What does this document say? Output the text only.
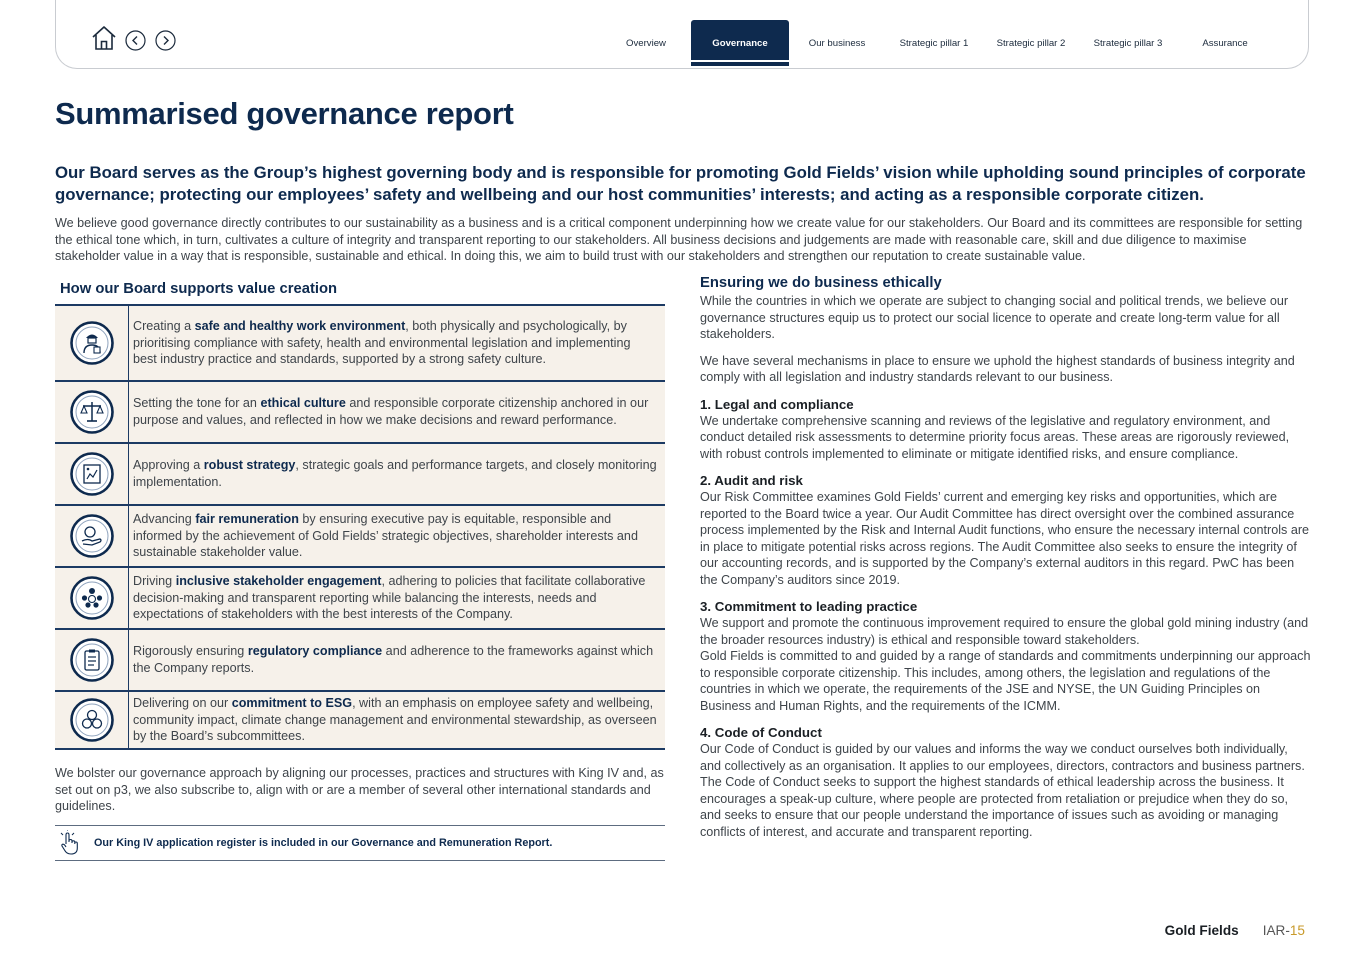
Overview	Governance	Our business	Strategic pillar 1	Strategic pillar 2	Strategic pillar 3	Assurance
Summarised governance report

Our Board serves as the Group’s highest governing body and is responsible for promoting Gold Fields’ vision while upholding sound principles of corporate governance; protecting our employees’ safety and wellbeing and our host communities’ interests; and acting as a responsible corporate citizen.

We believe good governance directly contributes to our sustainability as a business and is a critical component underpinning how we create value for our stakeholders. Our Board and its committees are responsible for setting the ethical tone which, in turn, cultivates a culture of integrity and transparent reporting to our stakeholders. All business decisions and judgements are made with reasonable care, skill and due diligence to maximise stakeholder value in a way that is responsible, sustainable and ethical. In doing this, we aim to build trust with our stakeholders and strengthen our reputation to create sustainable value.

How our Board supports value creation
Creating a safe and healthy work environment, both physically and psychologically, by prioritising compliance with safety, health and environmental legislation and implementing best industry practice and standards, supported by a strong safety culture.
Setting the tone for an ethical culture and responsible corporate citizenship anchored in our purpose and values, and reflected in how we make decisions and reward performance.
Approving a robust strategy, strategic goals and performance targets, and closely monitoring implementation.
Advancing fair remuneration by ensuring executive pay is equitable, responsible and informed by the achievement of Gold Fields’ strategic objectives, shareholder interests and sustainable stakeholder value.
Driving inclusive stakeholder engagement, adhering to policies that facilitate collaborative decision-making and transparent reporting while balancing the interests, needs and expectations of stakeholders with the best interests of the Company.
Rigorously ensuring regulatory compliance and adherence to the frameworks against which the Company reports.
Delivering on our commitment to ESG, with an emphasis on employee safety and wellbeing, community impact, climate change management and environmental stewardship, as overseen by the Board’s subcommittees.

We bolster our governance approach by aligning our processes, practices and structures with King IV and, as set out on p3, we also subscribe to, align with or are a member of several other international standards and guidelines.

Our King IV application register is included in our Governance and Remuneration Report.
Ensuring we do business ethically

While the countries in which we operate are subject to changing social and political trends, we believe our governance structures equip us to protect our social licence to operate and create long-term value for all stakeholders.

We have several mechanisms in place to ensure we uphold the highest standards of business integrity and comply with all legislation and industry standards relevant to our business.

1. Legal and compliance

We undertake comprehensive scanning and reviews of the legislative and regulatory environment, and conduct detailed risk assessments to determine priority focus areas. These areas are rigorously reviewed, with robust controls implemented to eliminate or mitigate identified risks, and ensure compliance.

2. Audit and risk

Our Risk Committee examines Gold Fields’ current and emerging key risks and opportunities, which are reported to the Board twice a year. Our Audit Committee has direct oversight over the combined assurance process implemented by the Risk and Internal Audit functions, who ensure the necessary internal controls are in place to mitigate potential risks across regions. The Audit Committee also seeks to ensure the integrity of our accounting records, and is supported by the Company’s external auditors in this regard. PwC has been the Company’s auditors since 2019.

3. Commitment to leading practice

We support and promote the continuous improvement required to ensure the global gold mining industry (and the broader resources industry) is ethical and responsible toward stakeholders.

Gold Fields is committed to and guided by a range of standards and commitments underpinning our approach to responsible corporate citizenship. This includes, among others, the legislation and regulations of the countries in which we operate, the requirements of the JSE and NYSE, the UN Guiding Principles on Business and Human Rights, and the requirements of the ICMM.

4. Code of Conduct

Our Code of Conduct is guided by our values and informs the way we conduct ourselves both individually, and collectively as an organisation. It applies to our employees, directors, contractors and business partners. The Code of Conduct seeks to support the highest standards of ethical leadership across the business. It encourages a speak-up culture, where people are protected from retaliation or prejudice when they do so, and seeks to ensure that our people understand the importance of issues such as avoiding or managing conflicts of interest, and accurate and transparent reporting.

Gold Fields IAR- 15
